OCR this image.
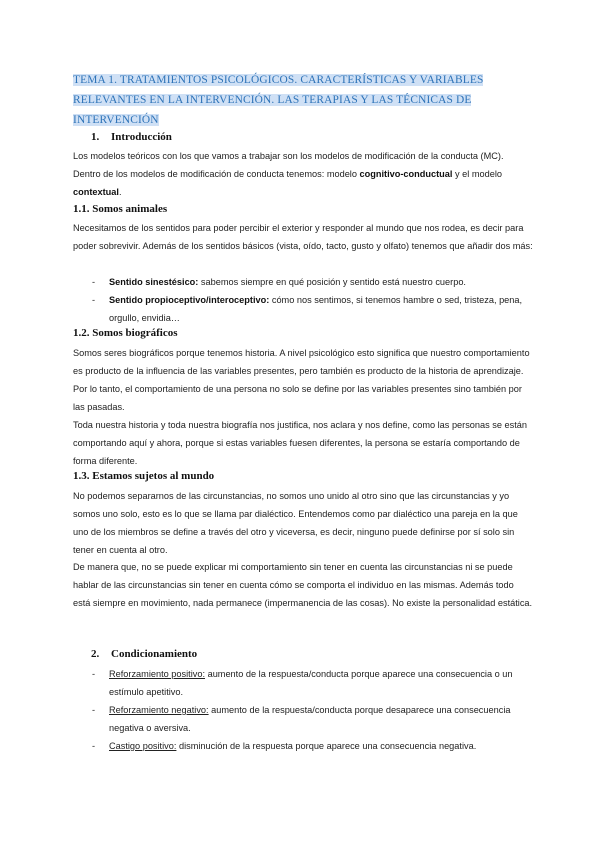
TEMA 1. TRATAMIENTOS PSICOLÓGICOS. CARACTERÍSTICAS Y VARIABLES RELEVANTES EN LA INTERVENCIÓN. LAS TERAPIAS Y LAS TÉCNICAS DE INTERVENCIÓN
1. Introducción

Los modelos teóricos con los que vamos a trabajar son los modelos de modificación de la conducta (MC). Dentro de los modelos de modificación de conducta tenemos: modelo cognitivo-conductual y el modelo contextual.

1.1. Somos animales

Necesitamos de los sentidos para poder percibir el exterior y responder al mundo que nos rodea, es decir para poder sobrevivir. Además de los sentidos básicos (vista, oído, tacto, gusto y olfato) tenemos que añadir dos más:

- Sentido sinestésico: sabemos siempre en qué posición y sentido está nuestro cuerpo.
- Sentido propioceptivo/interoceptivo: cómo nos sentimos, si tenemos hambre o sed, tristeza, pena, orgullo, envidia…
1.2. Somos biográficos

Somos seres biográficos porque tenemos historia. A nivel psicológico esto significa que nuestro comportamiento es producto de la influencia de las variables presentes, pero también es producto de la historia de aprendizaje. Por lo tanto, el comportamiento de una persona no solo se define por las variables presentes sino también por las pasadas.

Toda nuestra historia y toda nuestra biografía nos justifica, nos aclara y nos define, como las personas se están comportando aquí y ahora, porque si estas variables fuesen diferentes, la persona se estaría comportando de forma diferente.

1.3. Estamos sujetos al mundo

No podemos separarnos de las circunstancias, no somos uno unido al otro sino que las circunstancias y yo somos uno solo, esto es lo que se llama par dialéctico. Entendemos como par dialéctico una pareja en la que uno de los miembros se define a través del otro y viceversa, es decir, ninguno puede definirse por sí solo sin tener en cuenta al otro.

De manera que, no se puede explicar mi comportamiento sin tener en cuenta las circunstancias ni se puede hablar de las circunstancias sin tener en cuenta cómo se comporta el individuo en las mismas. Además todo está siempre en movimiento, nada permanece (impermanencia de las cosas). No existe la personalidad estática.

2. Condicionamiento
- Reforzamiento positivo: aumento de la respuesta/conducta porque aparece una consecuencia o un estímulo apetitivo.
- Reforzamiento negativo: aumento de la respuesta/conducta porque desaparece una consecuencia negativa o aversiva.
- Castigo positivo: disminución de la respuesta porque aparece una consecuencia negativa.
